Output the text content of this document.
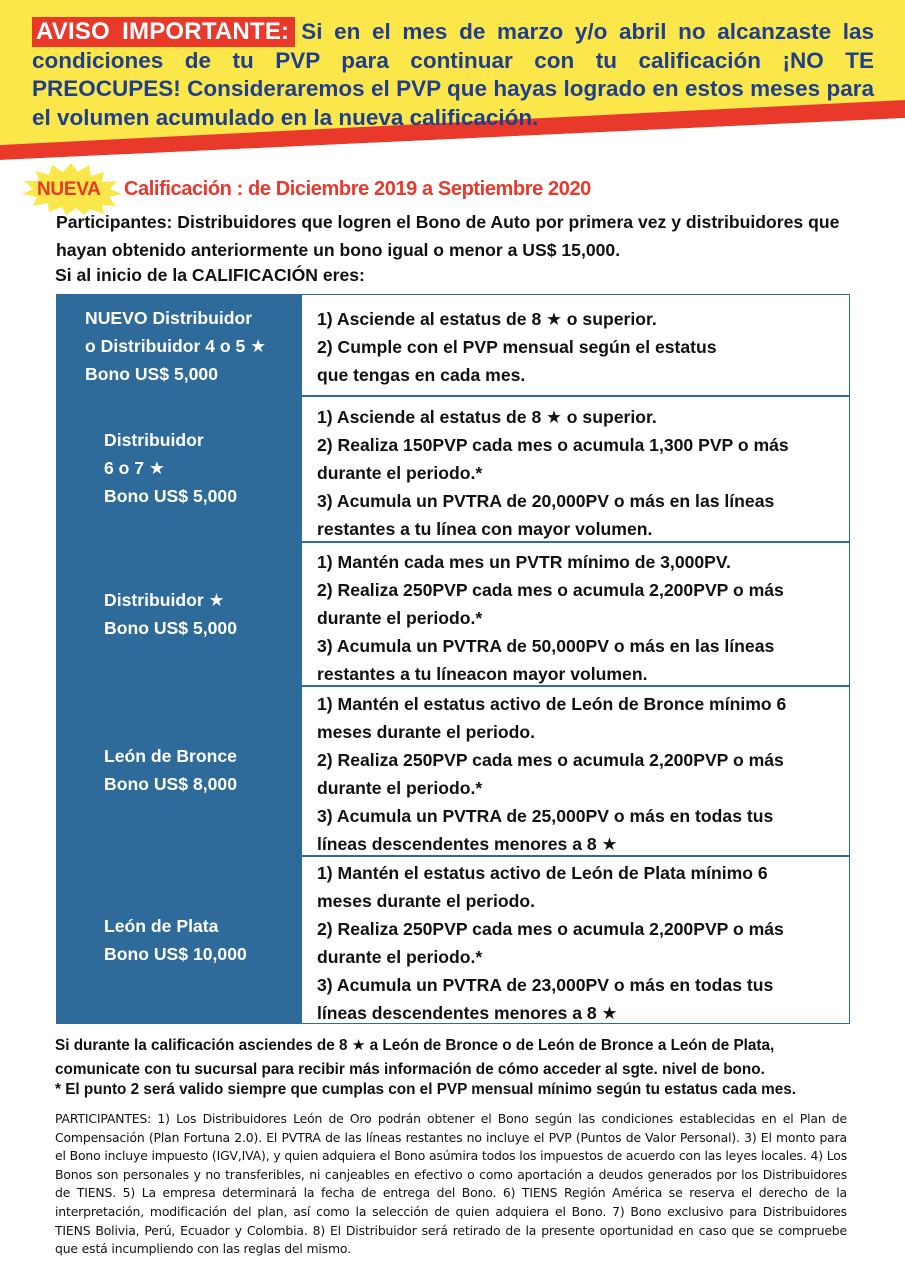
AVISO IMPORTANTE: Si en el mes de marzo y/o abril no alcanzaste las condiciones de tu PVP para continuar con tu calificación ¡NO TE PREOCUPES! Consideraremos el PVP que hayas logrado en estos meses para el volumen acumulado en la nueva calificación.
NUEVA Calificación : de Diciembre 2019 a Septiembre 2020
Participantes: Distribuidores que logren el Bono de Auto por primera vez y distribuidores que hayan obtenido anteriormente un bono igual o menor a US$ 15,000.
Si al inicio de la CALIFICACIÓN eres:
NUEVO Distribuidor
o Distribuidor 4 o 5 ★
Bono US$ 5,000
1) Asciende al estatus de 8 ★ o superior.
2) Cumple con el PVP mensual según el estatus
que tengas en cada mes.
Distribuidor
6 o 7 ★
Bono US$ 5,000
1) Asciende al estatus de 8 ★ o superior.
2) Realiza 150PVP cada mes o acumula 1,300 PVP o más
durante el periodo.*
3) Acumula un PVTRA de 20,000PV o más en las líneas
restantes a tu línea con mayor volumen.
Distribuidor ★
Bono US$ 5,000
1) Mantén cada mes un PVTR mínimo de 3,000PV.
2) Realiza 250PVP cada mes o acumula 2,200PVP o más
durante el periodo.*
3) Acumula un PVTRA de 50,000PV o más en las líneas
restantes a tu líneacon mayor volumen.
León de Bronce
Bono US$ 8,000
1) Mantén el estatus activo de León de Bronce mínimo 6
meses durante el periodo.
2) Realiza 250PVP cada mes o acumula 2,200PVP o más
durante el periodo.*
3) Acumula un PVTRA de 25,000PV o más en todas tus
líneas descendentes menores a 8 ★
León de Plata
Bono US$ 10,000
1) Mantén el estatus activo de León de Plata mínimo 6
meses durante el periodo.
2) Realiza 250PVP cada mes o acumula 2,200PVP o más
durante el periodo.*
3) Acumula un PVTRA de 23,000PV o más en todas tus
líneas descendentes menores a 8 ★
Si durante la calificación asciendes de 8 ★ a León de Bronce o de León de Bronce a León de Plata, comunicate con tu sucursal para recibir más información de cómo acceder al sgte. nivel de bono.
* El punto 2 será valido siempre que cumplas con el PVP mensual mínimo según tu estatus cada mes.
PARTICIPANTES: 1) Los Distribuidores León de Oro podrán obtener el Bono según las condiciones establecidas en el Plan de Compensación (Plan Fortuna 2.0). El PVTRA de las líneas restantes no incluye el PVP (Puntos de Valor Personal). 3) El monto para el Bono incluye impuesto (IGV,IVA), y quien adquiera el Bono asúmira todos los impuestos de acuerdo con las leyes locales. 4) Los Bonos son personales y no transferibles, ni canjeables en efectivo o como aportación a deudos generados por los Distribuidores de TIENS. 5) La empresa determinará la fecha de entrega del Bono. 6) TIENS Región América se reserva el derecho de la interpretación, modificación del plan, así como la selección de quien adquiera el Bono. 7) Bono exclusivo para Distribuidores TIENS Bolivia, Perú, Ecuador y Colombia. 8) El Distribuidor será retirado de la presente oportunidad en caso que se compruebe que está incumpliendo con las reglas del mismo.
